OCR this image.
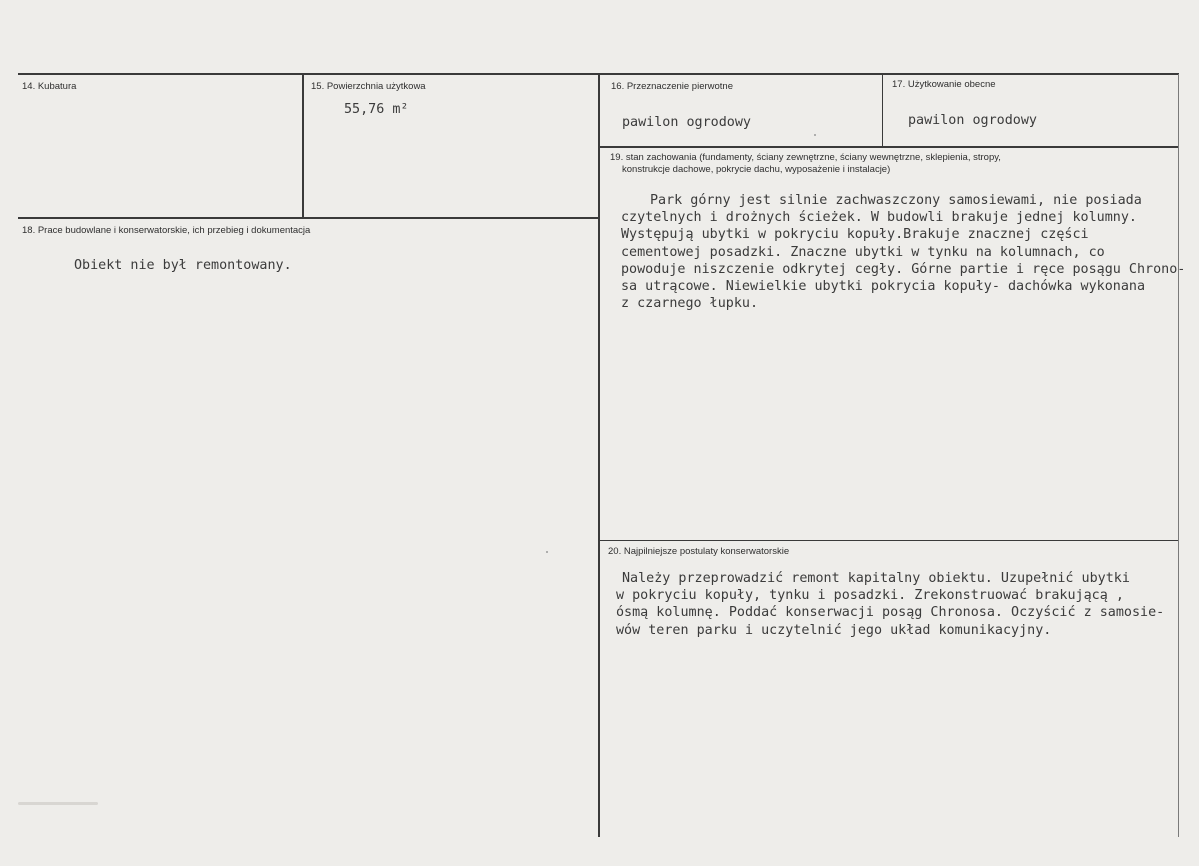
14. Kubatura	15. Powierzchnia użytkowa
55,76 m²
16. Przeznaczenie pierwotne
pawilon ogrodowy
17. Użytkowanie obecne
pawilon ogrodowy
18. Prace budowlane i konserwatorskie, ich przebieg i dokumentacja
Obiekt nie był remontowany.
19. stan zachowania (fundamenty, ściany zewnętrzne, ściany wewnętrzne, sklepienia, stropy,
konstrukcje dachowe, pokrycie dachu, wyposażenie i instalacje)
Park górny jest silnie zachwaszczony samosiewami, nie posiada
czytelnych i drożnych ścieżek. W budowli brakuje jednej kolumny.
Występują ubytki w pokryciu kopuły.Brakuje znacznej części
cementowej posadzki. Znaczne ubytki w tynku na kolumnach, co
powoduje niszczenie odkrytej cegły. Górne partie i ręce posągu Chrono-
sa utrącowe. Niewielkie ubytki pokrycia kopuły- dachówka wykonana
z czarnego łupku.
20. Najpilniejsze postulaty konserwatorskie
Należy przeprowadzić remont kapitalny obiektu. Uzupełnić ubytki
w pokryciu kopuły, tynku i posadzki. Zrekonstruować brakującą ,
ósmą kolumnę. Poddać konserwacji posąg Chronosa. Oczyścić z samosie-
wów teren parku i uczytelnić jego układ komunikacyjny.
